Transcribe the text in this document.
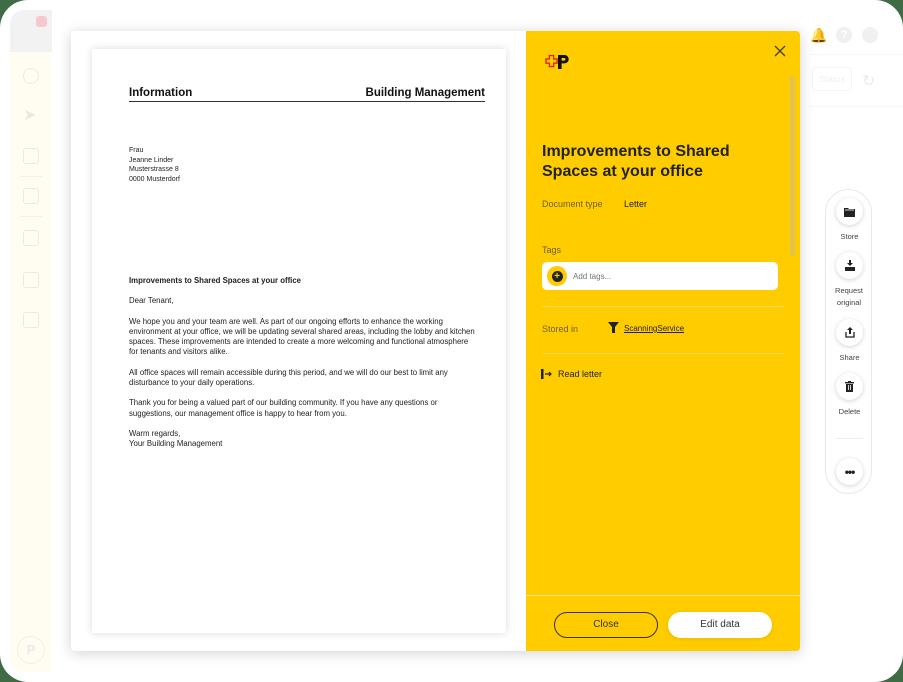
➤
P
🔔	?
Status	↻
Store
Request original
Share
Delete
•••
Information	Building Management
Frau
Jeanne Linder
Musterstrasse 8
0000 Musterdorf
Improvements to Shared Spaces at your office

Dear Tenant,

We hope you and your team are well. As part of our ongoing efforts to enhance the working environment at your office, we will be updating several shared areas, including the lobby and kitchen spaces. These improvements are intended to create a more welcoming and functional atmosphere for tenants and visitors alike.

All office spaces will remain accessible during this period, and we will do our best to limit any disturbance to your daily operations.

Thank you for being a valued part of our building community. If you have any questions or suggestions, our management office is happy to hear from you.

Warm regards,
Your Building Management
Improvements to Shared Spaces at your office
Document type Letter
Tags
+
Add tags...
Stored in	ScanningService
Read letter
Close	Edit data
